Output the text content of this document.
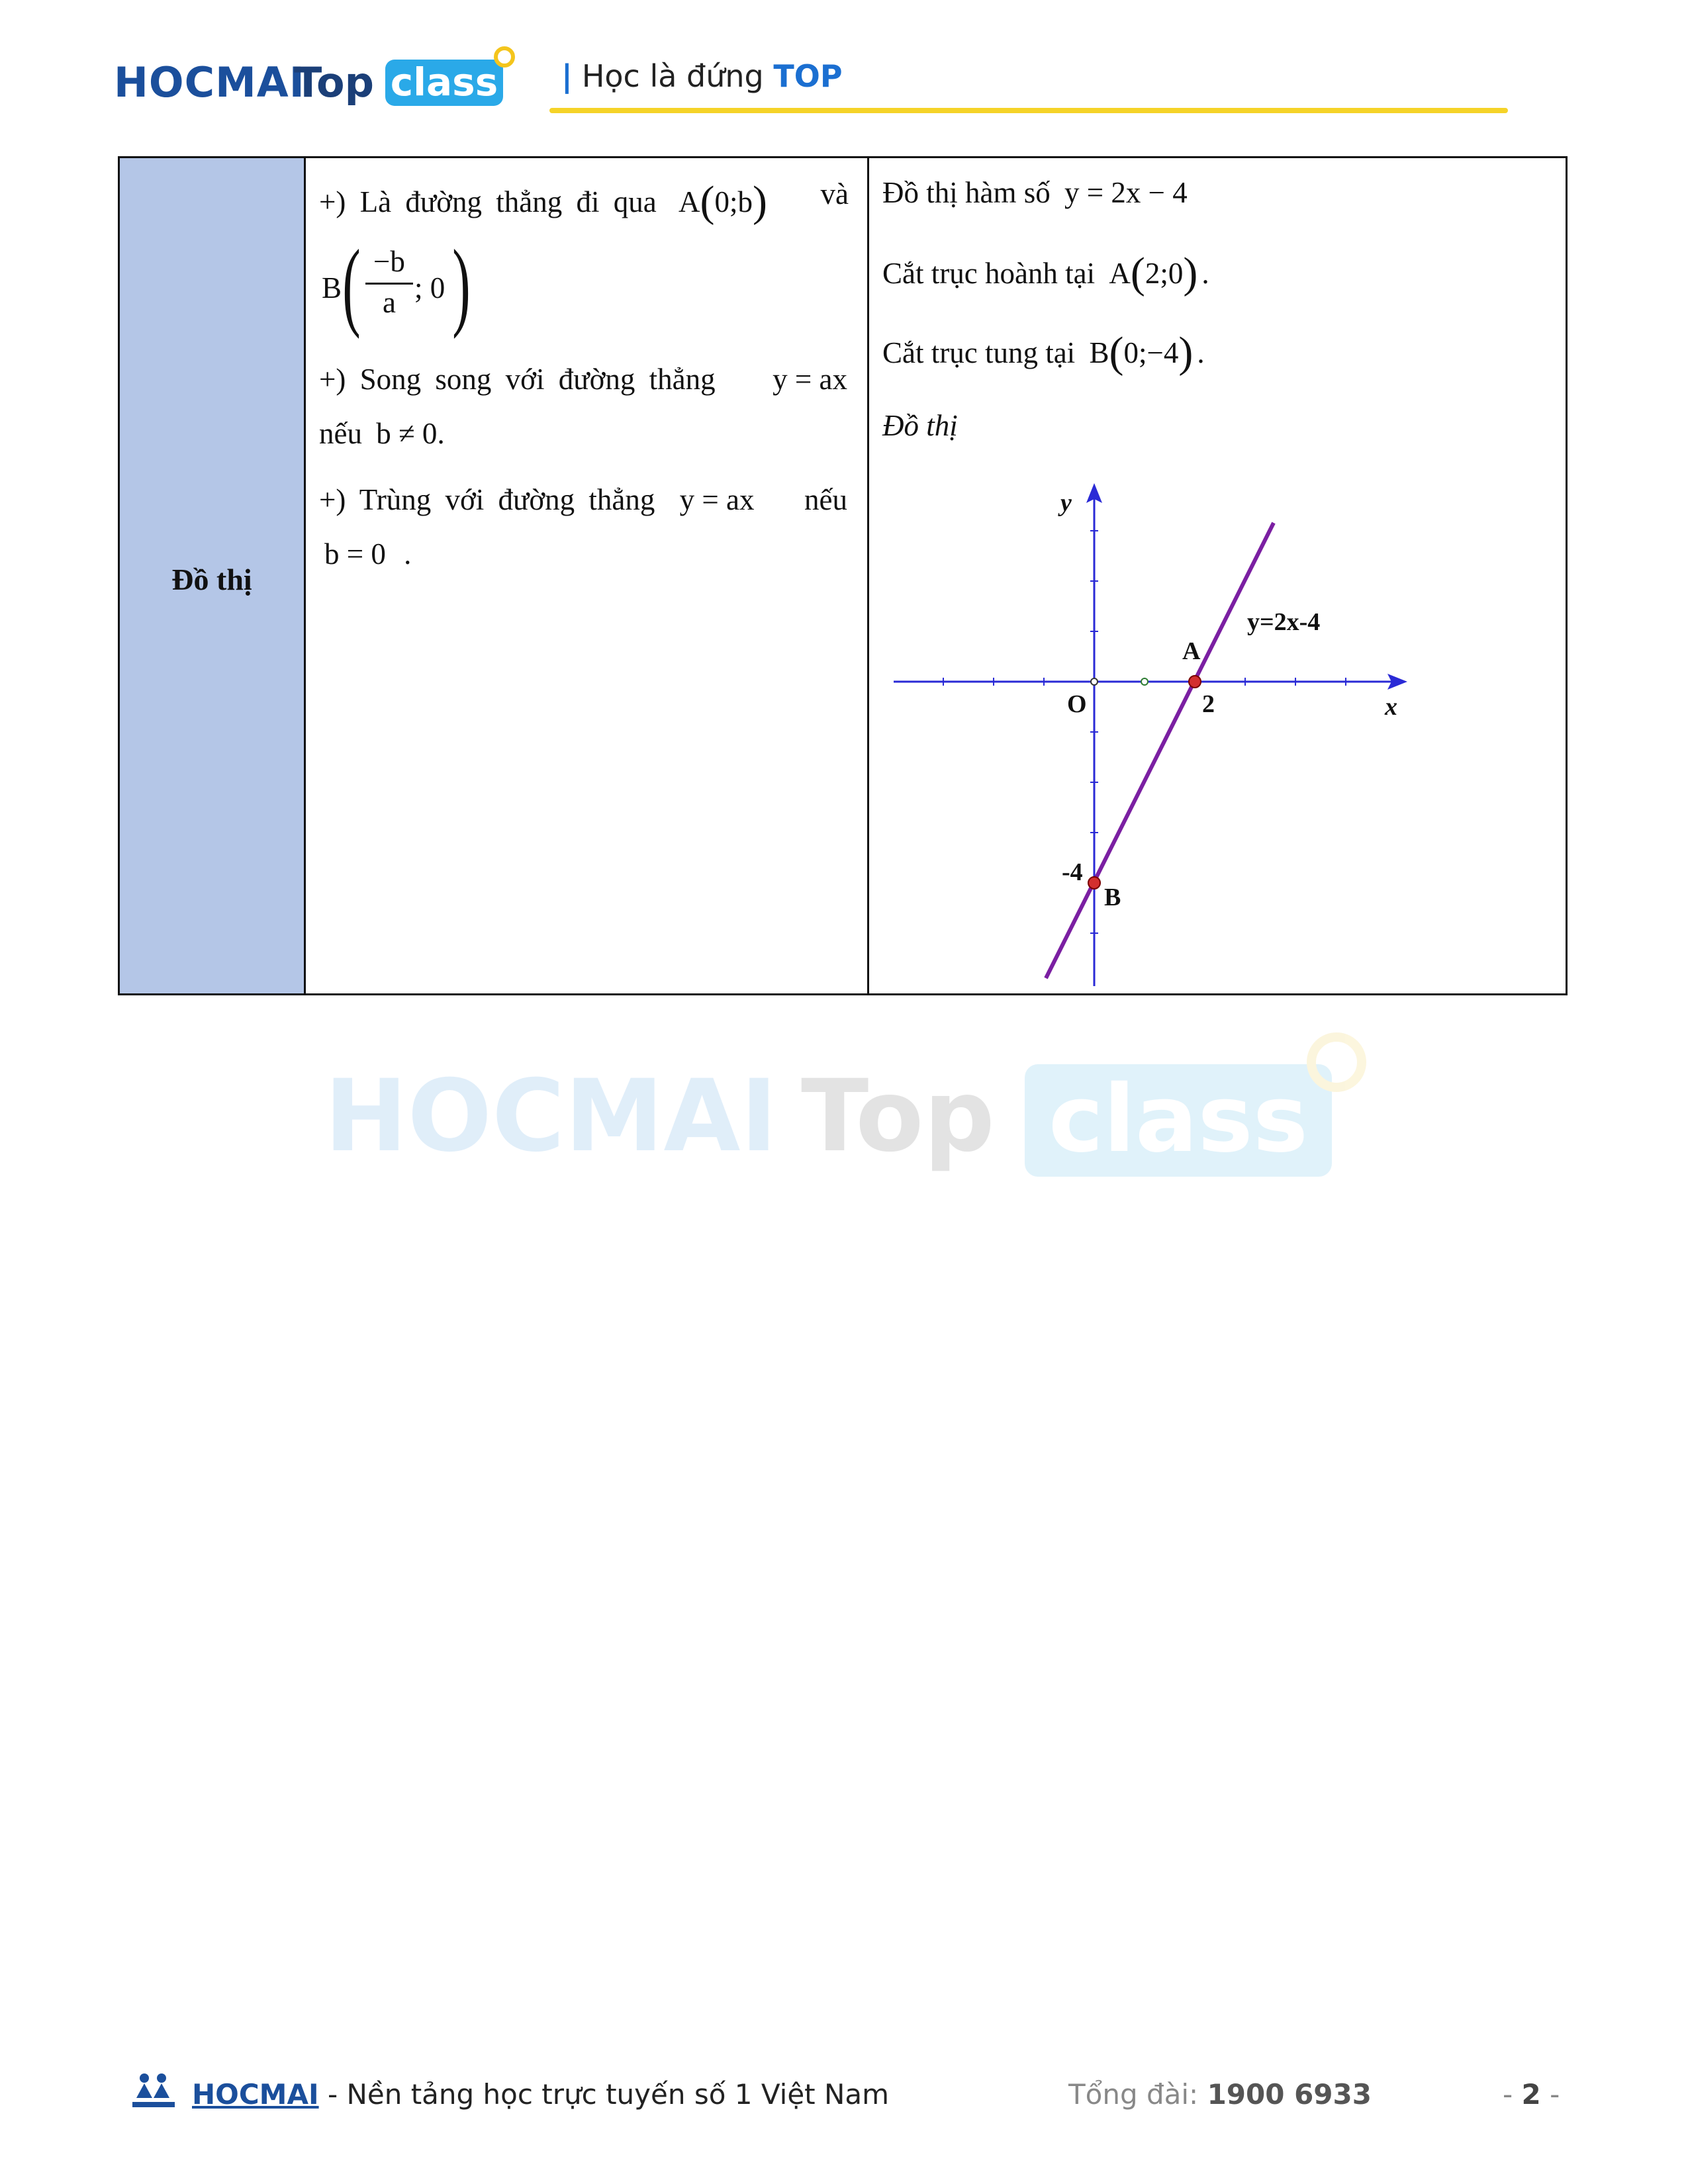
HOCMAI
Top class | Học là đứng TOP
Đồ thị
+) Là đường thẳng đi qua A(0;b) và
B ( −b
a ; 0 )
+) Song song với đường thẳng y = ax
nếu b ≠ 0.
+) Trùng với đường thẳng y = ax nếu
b = 0 .
Đồ thị hàm số y = 2x − 4
Cắt trục hoành tại A(2;0) .
Cắt trục tung tại B(0;−4) .
Đồ thị
y
x
O	2
-4
A
B
y=2x-4
HOCMAI Top class
HOCMAI - Nền tảng học trực tuyến số 1 Việt Nam	Tổng đài: 1900 6933	- 2 -
